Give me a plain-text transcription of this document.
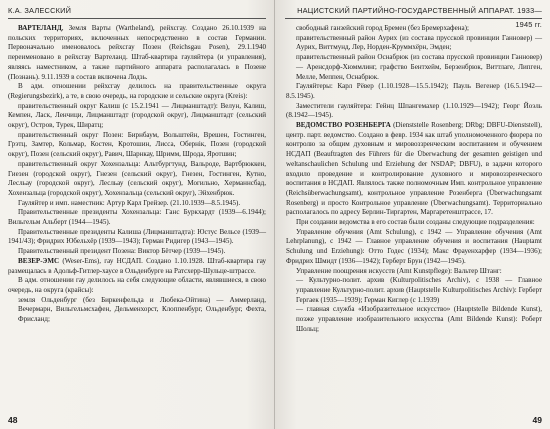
К.А. ЗАЛЕССКИЙ

ВАРТЕЛАНД, Земля Варты (Wartheland), рейхсгау. Создано 26.10.1939 на польских территориях, включенных непосредственно в состав Германии. Первоначально именовалось рейхсгау Позен (Reichsgau Posen), 29.1.1940 переименовано в рейхсгау Вартеланд. Штаб-квартира гауляйтера (и управления), являясь наместником, а также партийного аппарата располагалась в Позене (Познань). 9.11.1939 в состав включена Лодзь.

В адм. отношении рейхсгау делилось на правительственные округа (Regierungsbezirk), а те, в свою очередь, на городские и сельские округа (Kreis):

правительственный округ Калиш (с 15.2.1941 — Лицманштадт): Велун, Калиш, Кемпен, Ласк, Ленчици, Лицманштадт (городской округ), Лицманштадт (сельский округ), Остров, Турек, Ширатц;

правительственный округ Позен: Бирнбаум, Вольштейн, Врешен, Гостинген, Грэтц, Замтер, Кольмар, Костен, Кротошин, Лисса, Обернік, Позен (городской округ), Позен (сельский округ), Равич, Шарнкау, Шримм, Шрода, Яротшин;

правительственный округ Хохензальца: Альтбургтунд, Вальроде, Вартбрюккен, Гиезен (городской округ), Гнезен (сельский округ), Гнезен, Гостинген, Кутно, Лесльау (городской округ), Лесльау (сельский округ), Могильно, Херманнсбад, Хохензальца (городской округ), Хохензальца (сельский округ), Эйхенбрюк.

Гауляйтер и имп. наместник: Артур Карл Грейзер. (21.10.1939—8.5.1945).

Правительственные президенты Хохензальца: Ганс Буркхардт (1939—6.1944); Вильгельм Альберт (1944—1945).

Правительственные президенты Калиша (Лицманштадта): Юстус Вельсе (1939—1941/43); Фридрих Юбельхёр (1939—1943); Герман Ридигер (1943—1945).

Правительственный президент Позена: Виктор Бётчер (1939—1945).

ВЕЗЕР-ЭМС (Weser-Ems), гау НСДАП. Создано 1.10.1928. Штаб-квартира гау размещалась в Адольф-Гитлер-хаусе в Ольденбурге на Ратсхерр-Шульце-штрассе.

В адм. отношении гау делилось на себя следующие области, являвшиеся, в свою очередь, на округа (крайсы):

земля Ольденбург (без Биркенфельда и Любека-Ойтина) — Аммерланд, Вечермарн, Вильгельмсхафен, Дельменхорст, Клоппенбург, Ольденбург, Фехта, Фрисланд;

48
НАЦИСТСКИЙ ПАРТИЙНО-ГОСУДАРСТВЕННЫЙ АППАРАТ. 1933—1945 гг.

свободный ганзейский город Бремен (без Бремерхафена);

правительственный район Аурих (из состава прусской провинции Ганновер) — Аурих, Виттмунд, Лер, Норден-Круммхёрн, Эмден;

правительственный район Оснабрюк (из состава прусской провинции Ганновер) — Аренсдорф-Хюммлинг, графство Бентхейм, Берзенбрюк, Виттлаге, Липген, Мелле, Меппен, Оснабрюк.

Гауляйтеры: Карл Рёвер (1.10.1928—15.5.1942); Пауль Вегенер (16.5.1942—8.5.1945).

Заместители гауляйтера: Гейнц Шпангемахер (1.10.1929—1942); Георг Йоэль (8.1942—1945).

ВЕДОМСТВО РОЗЕНБЕРГА (Dienststelle Rosenberg; DRbg; DBFU-Dienststell), центр. парт. ведомство. Создано в февр. 1934 как штаб уполномоченного фюрера по контролю за общим духовным и мировоззренческим воспитанием и обучением НСДАП (Beauftragten des Führers für die Überwachung der gesamten geistigen und weltanschaulichen Schulung und Erziehung der NSDAP; DBFU), в задачи которого входило проведение и контролирование духовного и мировоззренческого воспитания в НСДАП. Являлось также полномочным Имп. контрольное управление (Reichsüberwachungsamt), контрольное управление Розенберга (Überwachungsamt Rosenberg) и просто Контрольное управление (Überwachungsamt). Территориально располагалось по адресу Берлин-Тиргартен, Маргаретенштрассе, 17.

При создании ведомства в его состав были созданы следующие подразделения:

Управление обучения (Amt Schulung), с 1942 — Управление обучения (Amt Lehrplanung), с 1942 — Главное управление обучения и воспитания (Hauptamt Schulung und Erziehung): Отто Годес (1934); Макс Фрауенхарфер (1934—1936); Фридрих Шмидт (1936—1942); Герберт Брун (1942—1945).

Управление поощрения искусств (Amt Kunstpflege): Вальтер Штанг:

— Культурно-полит. архив (Kulturpolitisches Archiv), с 1938 — Главное управление Культурно-полит. архив (Hauptstelle Kulturpolitisches Archiv): Герберт Гергаек (1935—1939); Герман Киглер (с 1.1939)

— главная служба «Изобразительное искусство» (Hauptstelle Bildende Kunst), позже управление изобразительного искусства (Amt Bildende Kunst): Роберт Шольц;

49
